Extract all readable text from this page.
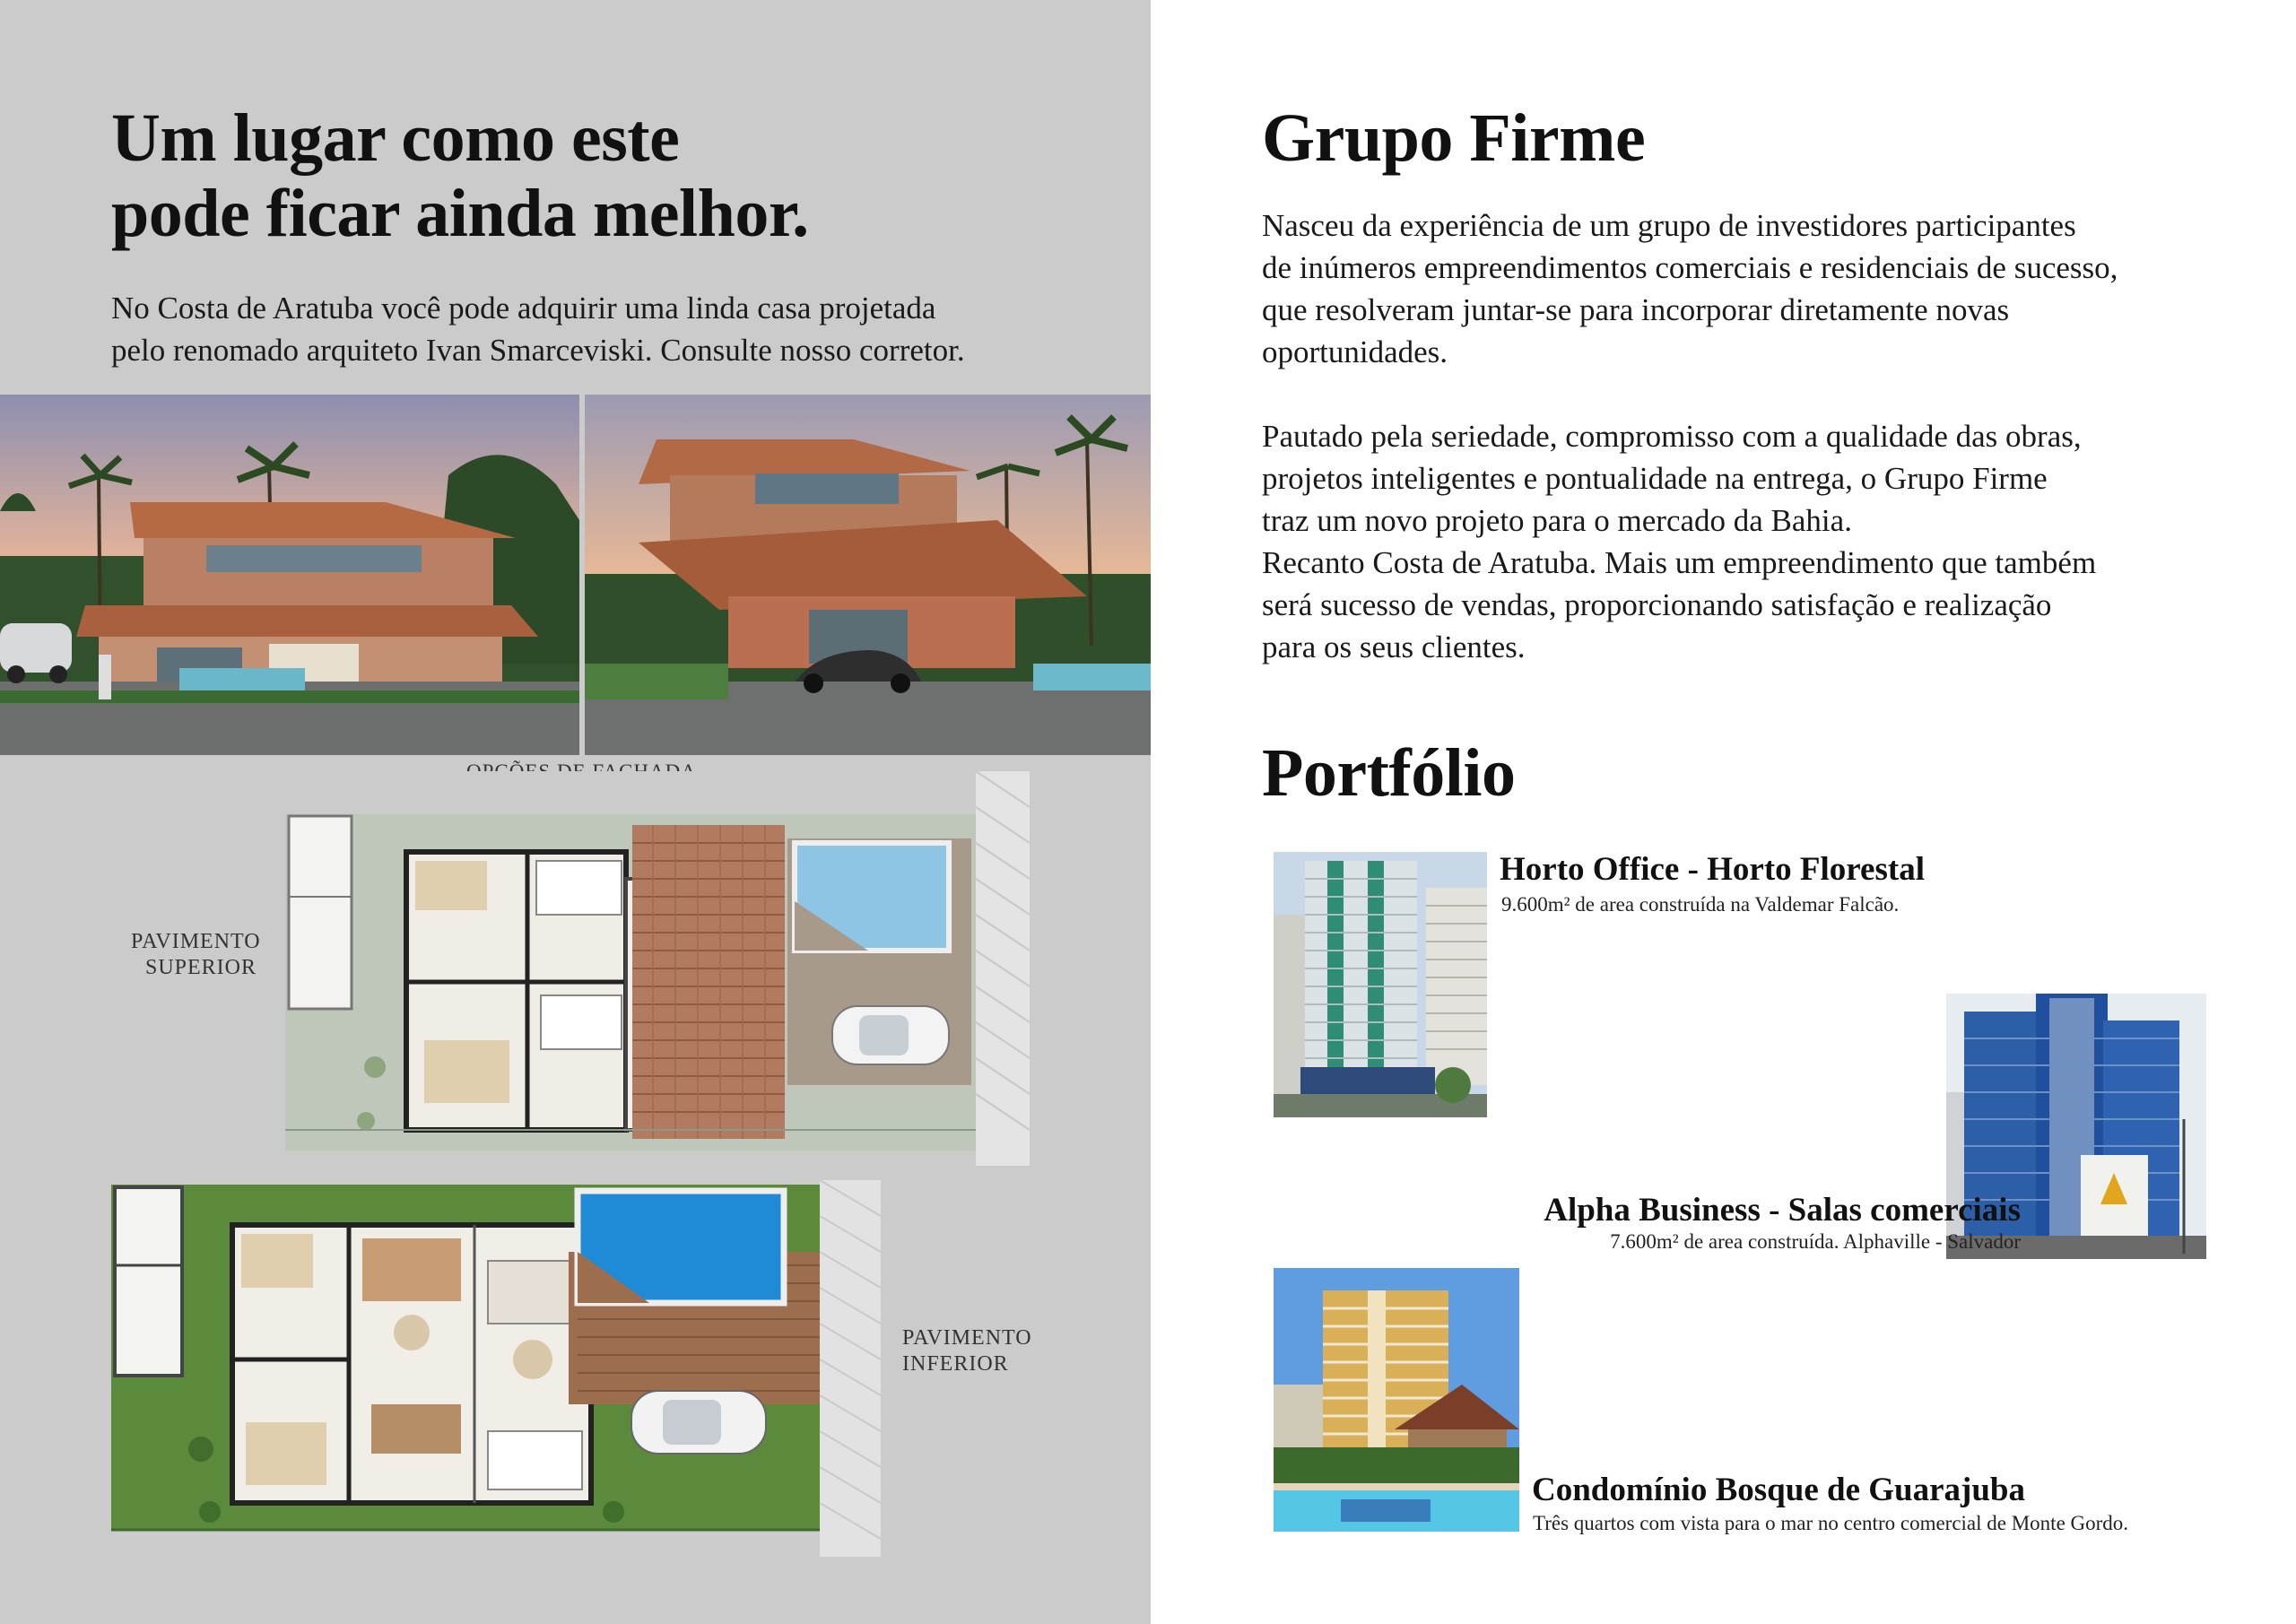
Um lugar como este
pode ficar ainda melhor.
No Costa de Aratuba você pode adquirir uma linda casa projetada
pelo renomado arquiteto Ivan Smarceviski. Consulte nosso corretor.
PAVIMENTO
SUPERIOR
PAVIMENTO
INFERIOR
Grupo Firme
Nasceu da experiência de um grupo de investidores participantes
de inúmeros empreendimentos comerciais e residenciais de sucesso,
que resolveram juntar-se para incorporar diretamente novas
oportunidades.
Pautado pela seriedade, compromisso com a qualidade das obras,
projetos inteligentes e pontualidade na entrega, o Grupo Firme
traz um novo projeto para o mercado da Bahia.
Recanto Costa de Aratuba. Mais um empreendimento que também
será sucesso de vendas, proporcionando satisfação e realização
para os seus clientes.
Portfólio
Horto Office - Horto Florestal
9.600m² de area construída na Valdemar Falcão.
Alpha Business - Salas comerciais
7.600m² de area construída. Alphaville - Salvador
Condomínio Bosque de Guarajuba
Três quartos com vista para o mar no centro comercial de Monte Gordo.
